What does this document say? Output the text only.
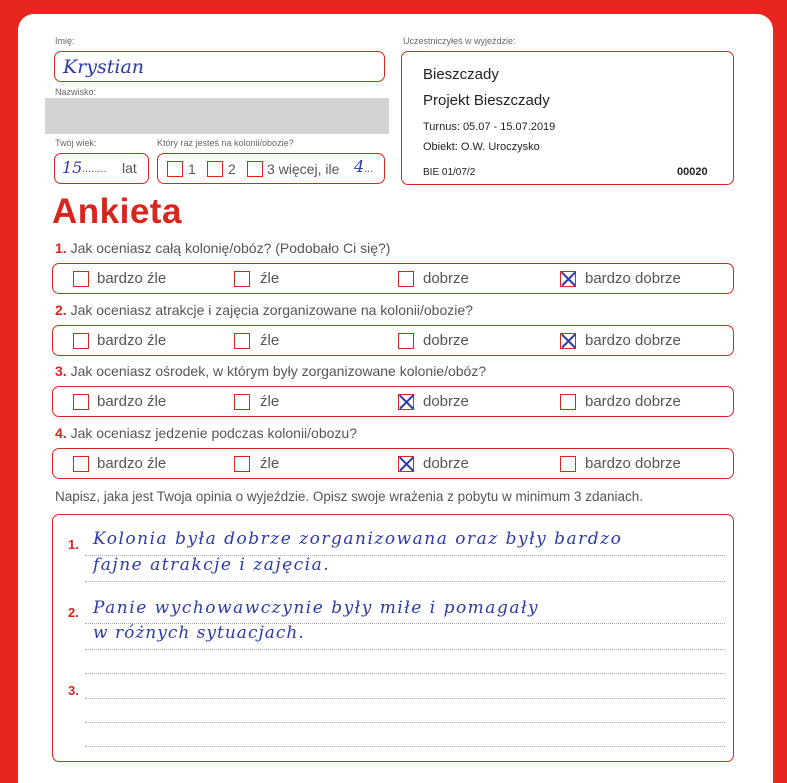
Imię:
Krystian
Nazwisko:
Twój wiek:
15 ........ lat
Który raz jesteś na kolonii/obozie?
1 2 3 więcej, ile 4 ...
Uczestniczyłeś w wyjeździe:
Bieszczady
Projekt Bieszczady
Turnus: 05.07 - 15.07.2019
Obiekt: O.W. Uroczysko
BIE 01/07/2	00020
Ankieta
1. Jak oceniasz całą kolonię/obóz? (Podobało Ci się?)
bardzo źle	źle	dobrze	bardzo dobrze
2. Jak oceniasz atrakcje i zajęcia zorganizowane na kolonii/obozie?
bardzo źle	źle	dobrze	bardzo dobrze
3. Jak oceniasz ośrodek, w którym były zorganizowane kolonie/obóz?
bardzo źle	źle	dobrze	bardzo dobrze
4. Jak oceniasz jedzenie podczas kolonii/obozu?
bardzo źle	źle	dobrze	bardzo dobrze
Napisz, jaka jest Twoja opinia o wyjeździe. Opisz swoje wrażenia z pobytu w minimum 3 zdaniach.
1.
2.
3.
Kolonia była dobrze zorganizowana oraz były bardzo
fajne atrakcje i zajęcia.
Panie wychowawczynie były miłe i pomagały
w różnych sytuacjach.
